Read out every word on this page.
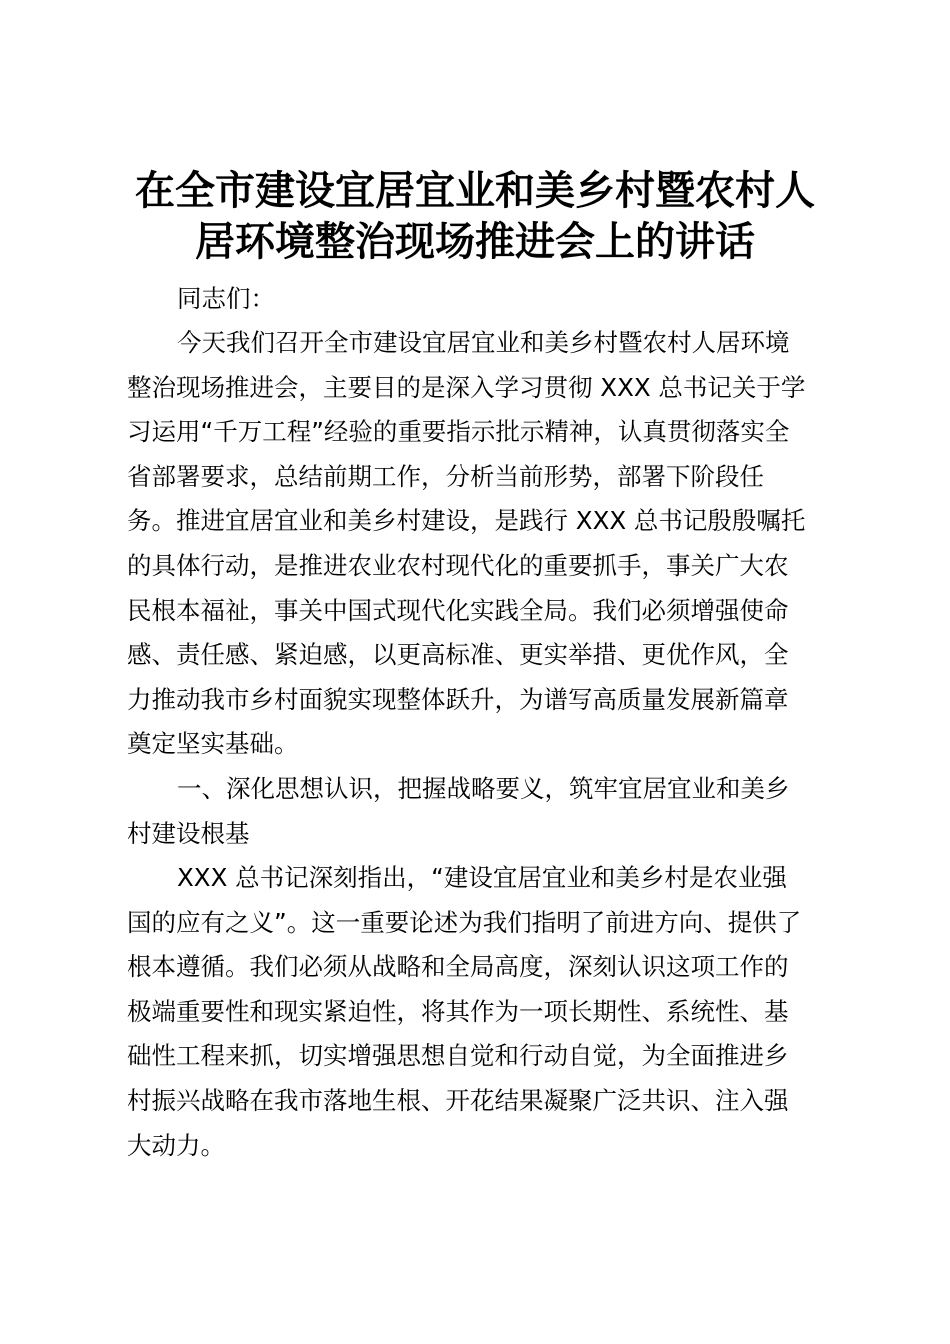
在全市建设宜居宜业和美乡村暨农村人
居环境整治现场推进会上的讲话

同志们：

今天我们召开全市建设宜居宜业和美乡村暨农村人居环境
整治现场推进会，主要目的是深入学习贯彻 XXX 总书记关于学
习运用“千万工程”经验的重要指示批示精神，认真贯彻落实全
省部署要求，总结前期工作，分析当前形势，部署下阶段任
务。推进宜居宜业和美乡村建设，是践行 XXX 总书记殷殷嘱托
的具体行动，是推进农业农村现代化的重要抓手，事关广大农
民根本福祉，事关中国式现代化实践全局。我们必须增强使命
感、责任感、紧迫感，以更高标准、更实举措、更优作风，全
力推动我市乡村面貌实现整体跃升，为谱写高质量发展新篇章
奠定坚实基础。

一、深化思想认识，把握战略要义，筑牢宜居宜业和美乡
村建设根基

XXX 总书记深刻指出，“建设宜居宜业和美乡村是农业强
国的应有之义”。这一重要论述为我们指明了前进方向、提供了
根本遵循。我们必须从战略和全局高度，深刻认识这项工作的
极端重要性和现实紧迫性，将其作为一项长期性、系统性、基
础性工程来抓，切实增强思想自觉和行动自觉，为全面推进乡
村振兴战略在我市落地生根、开花结果凝聚广泛共识、注入强
大动力。
